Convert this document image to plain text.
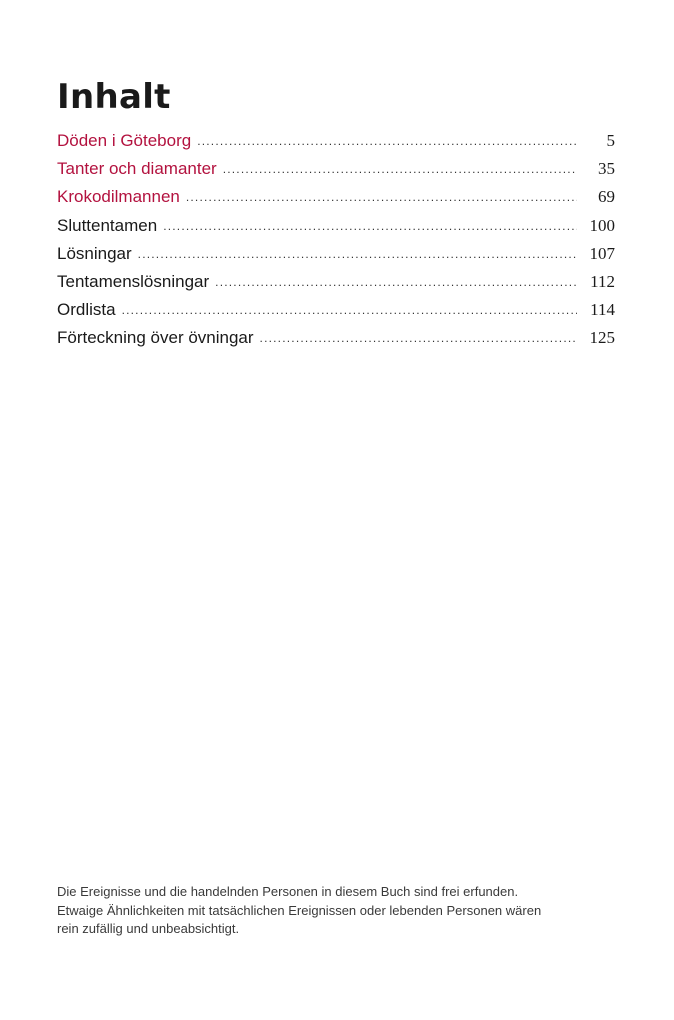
Inhalt
Döden i Göteborg .....	5
Tanter och diamanter .....	35
Krokodilmannen .....	69
Sluttentamen .....	100
Lösningar .....	107
Tentamenslösningar .....	112
Ordlista .....	114
Förteckning över övningar .....	125

Die Ereignisse und die handelnden Personen in diesem Buch sind frei erfunden.
Etwaige Ähnlichkeiten mit tatsächlichen Ereignissen oder lebenden Personen wären
rein zufällig und unbeabsichtigt.
